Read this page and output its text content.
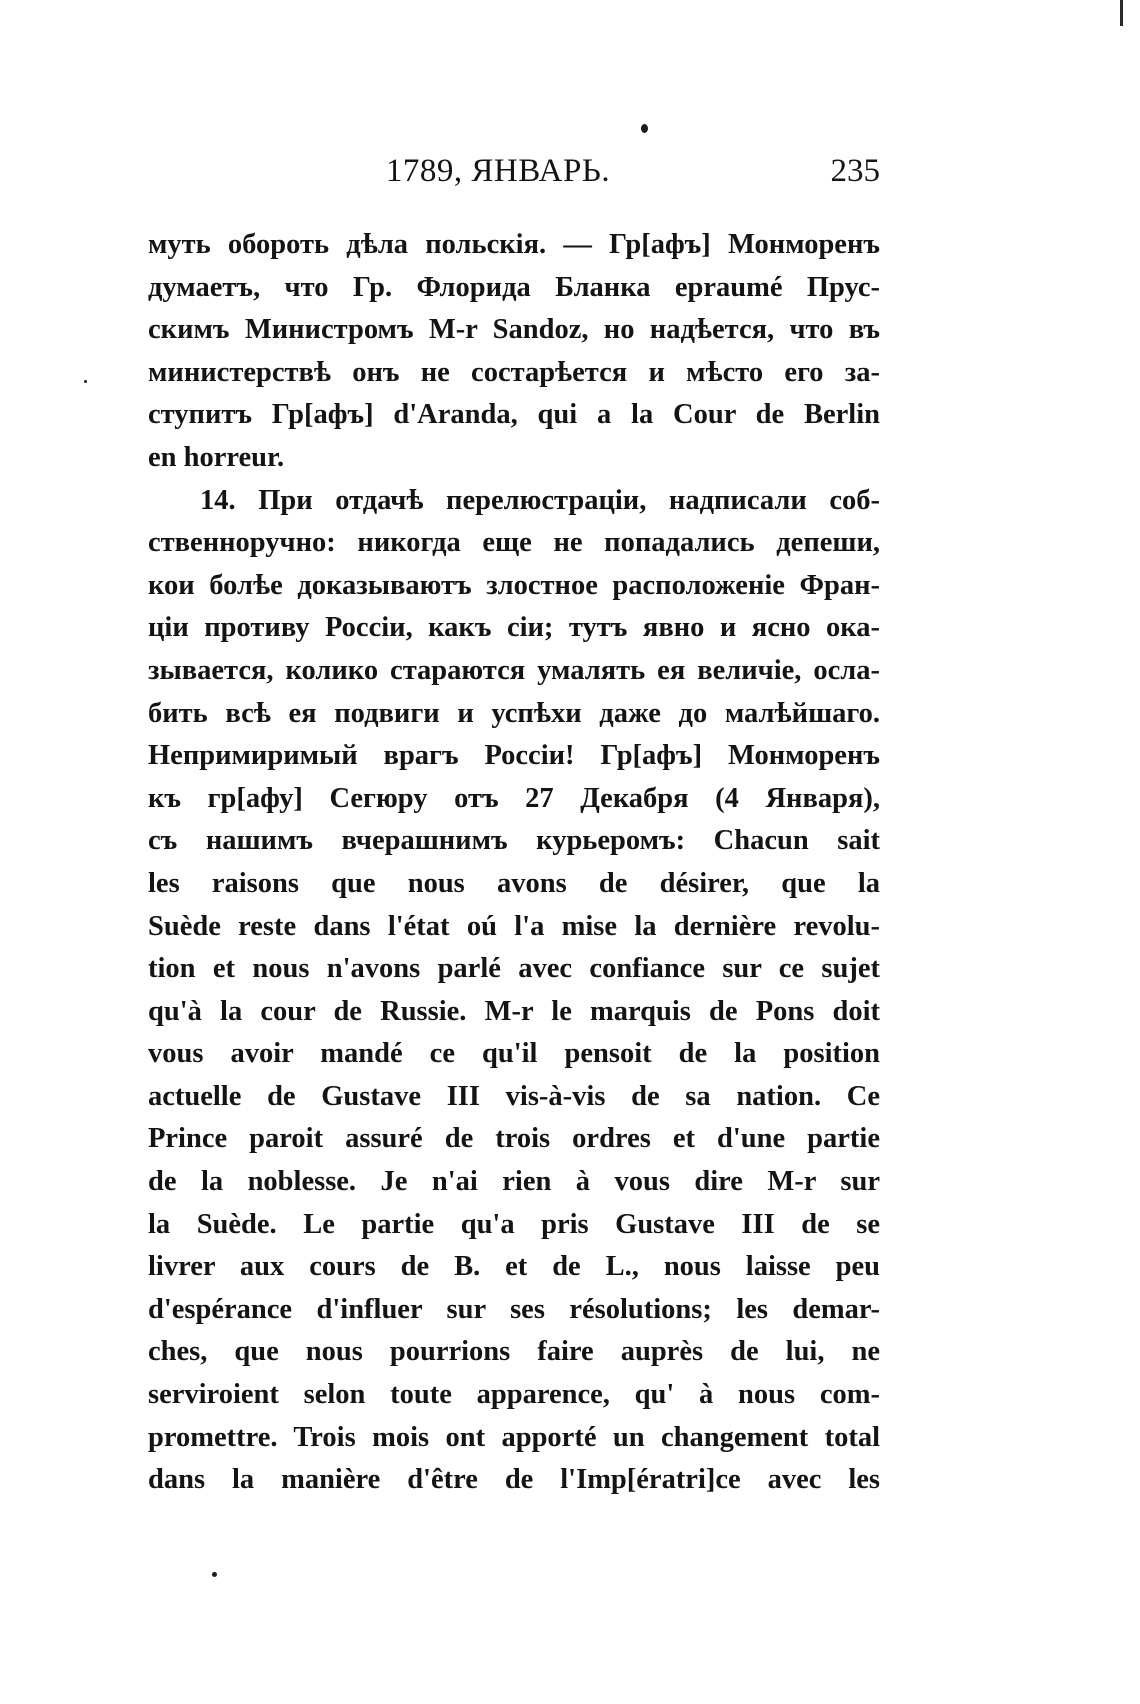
1789, ЯНВАРЬ.	235
муть обороть дѣла польскія. — Гр[афъ] Монморенъ
думаетъ, что Гр. Флорида Бланка epraumé Прус-
скимъ Министромъ M-r Sandoz, но надѣется, что въ
министерствѣ онъ не состарѣется и мѣсто его за-
ступитъ Гр[афъ] d'Aranda, qui a la Cour de Berlin
en horreur.
14. При отдачѣ перелюстраціи, надписали соб-
ственноручно: никогда еще не попадались депеши,
кои болѣе доказываютъ злостное расположеніе Фран-
ціи противу Россіи, какъ сіи; тутъ явно и ясно ока-
зывается, колико стараются умалять ея величіе, осла-
бить всѣ ея подвиги и успѣхи даже до малѣйшаго.
Непримиримый врагъ Россіи! Гр[афъ] Монморенъ
къ гр[афу] Сегюру отъ 27 Декабря (4 Января),
съ нашимъ вчерашнимъ курьеромъ: Chacun sait
les raisons que nous avons de désirer, que la
Suède reste dans l'état oú l'a mise la dernière revolu-
tion et nous n'avons parlé avec confiance sur ce sujet
qu'à la cour de Russie. M-r le marquis de Pons doit
vous avoir mandé ce qu'il pensoit de la position
actuelle de Gustave III vis-à-vis de sa nation. Ce
Prince paroit assuré de trois ordres et d'une partie
de la noblesse. Je n'ai rien à vous dire M-r sur
la Suède. Le partie qu'a pris Gustave III de se
livrer aux cours de B. et de L., nous laisse peu
d'espérance d'influer sur ses résolutions; les demar-
ches, que nous pourrions faire auprès de lui, ne
serviroient selon toute apparence, qu' à nous com-
promettre. Trois mois ont apporté un changement total
dans la manière d'être de l'Imp[ératri]ce avec les
